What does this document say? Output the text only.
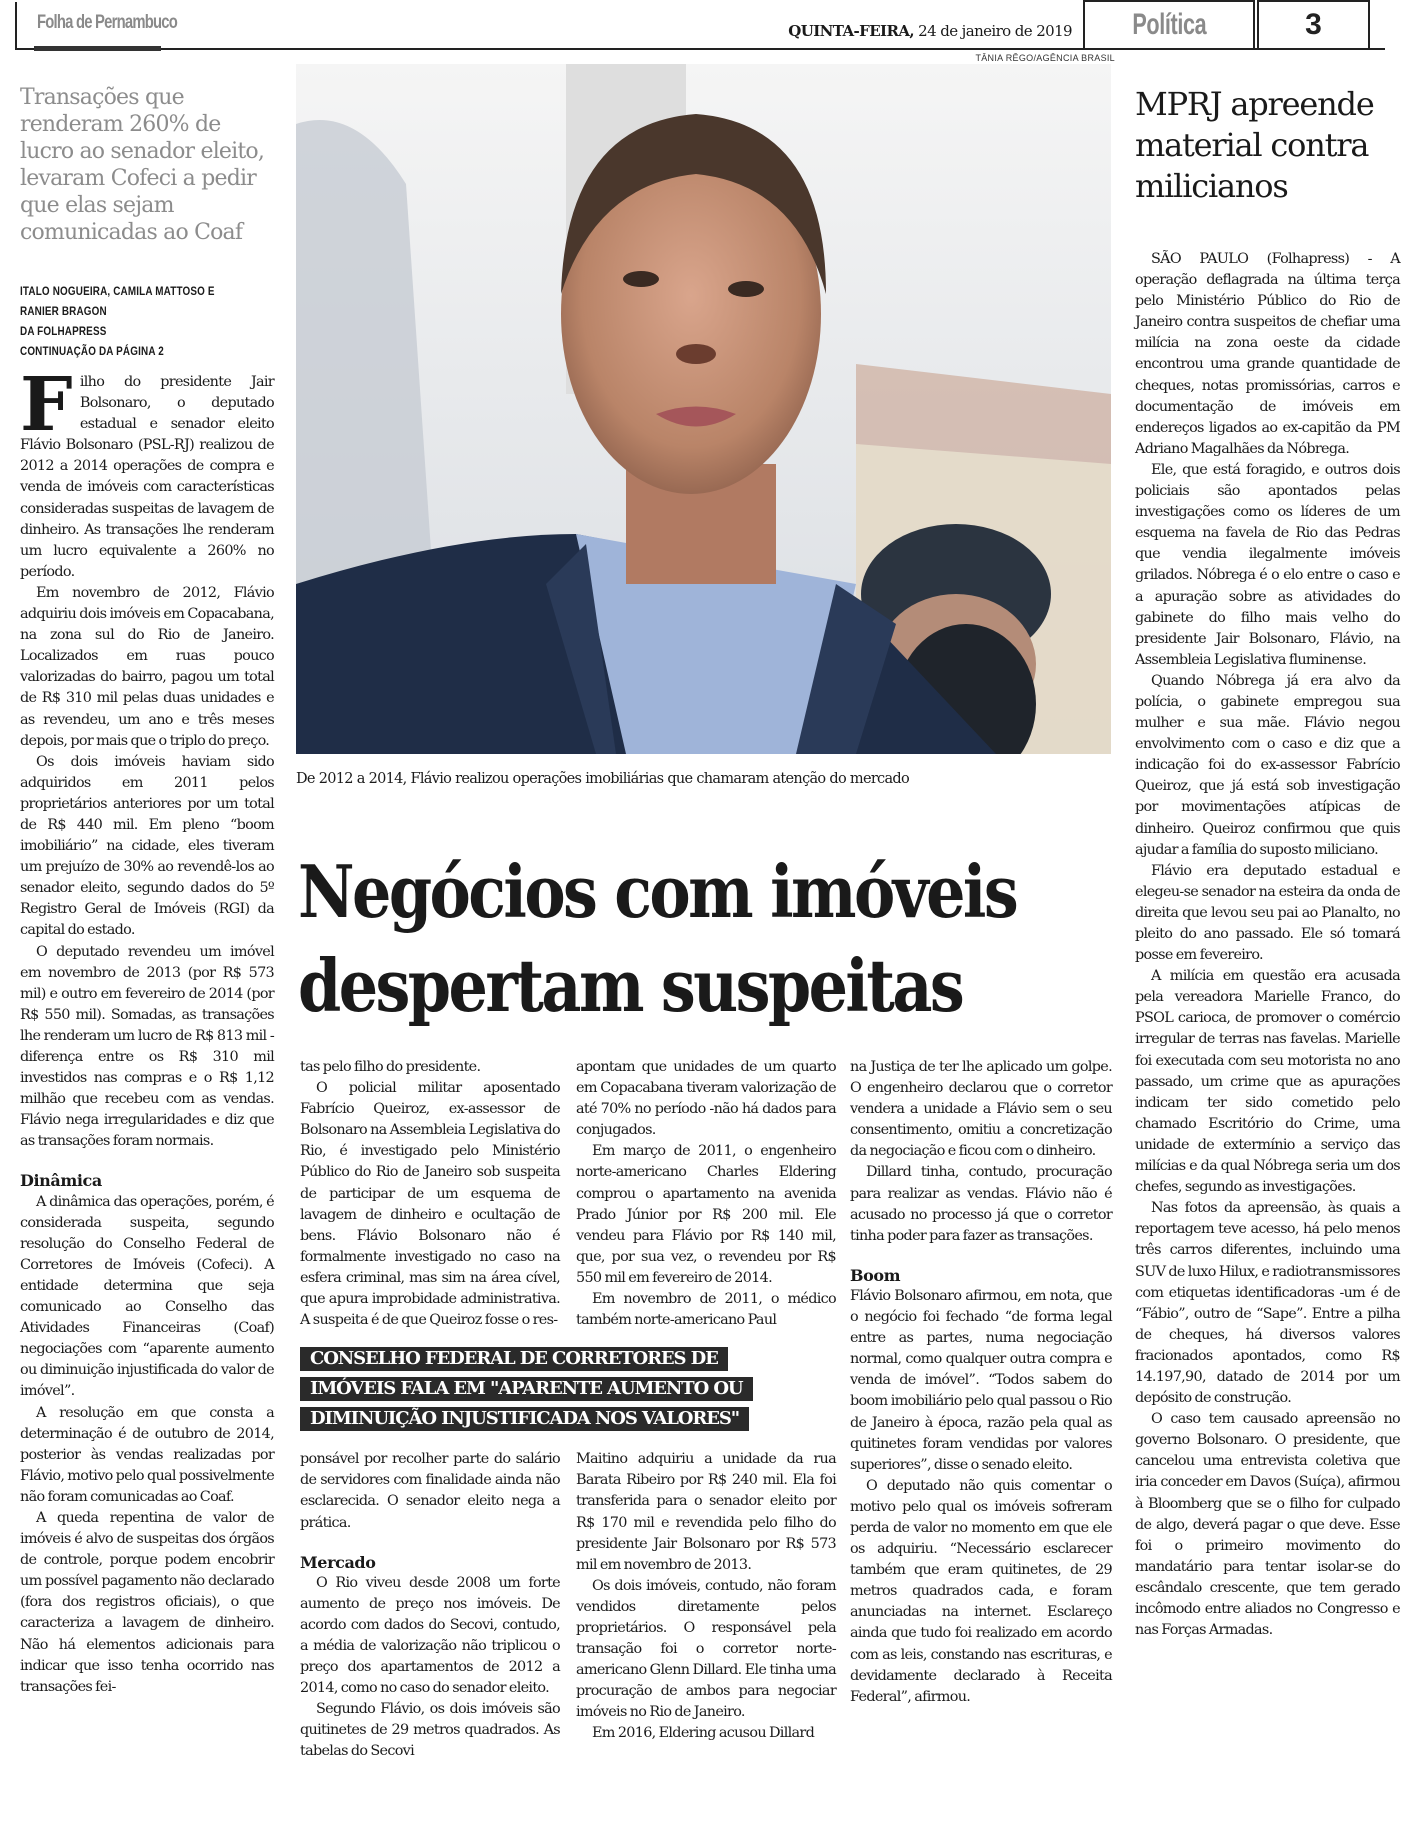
Folha de Pernambuco	QUINTA-FEIRA, 24 de janeiro de 2019 Política	3
TÂNIA RÊGO/AGÊNCIA BRASIL
Transações que renderam 260% de lucro ao senador eleito, levaram Cofeci a pedir que elas sejam comunicadas ao Coaf
ITALO NOGUEIRA, CAMILA MATTOSO E
RANIER BRAGON
DA FOLHAPRESS
CONTINUAÇÃO DA PÁGINA 2

Filho do presidente Jair Bolsonaro, o deputado estadual e senador eleito Flávio Bolsonaro (PSL-RJ) realizou de 2012 a 2014 operações de compra e venda de imóveis com características consideradas suspeitas de lavagem de dinheiro. As transações lhe renderam um lucro equivalente a 260% no período.

Em novembro de 2012, Flávio adquiriu dois imóveis em Copacabana, na zona sul do Rio de Janeiro. Localizados em ruas pouco valorizadas do bairro, pagou um total de R$ 310 mil pelas duas unidades e as revendeu, um ano e três meses depois, por mais que o triplo do preço.

Os dois imóveis haviam sido adquiridos em 2011 pelos proprietários anteriores por um total de R$ 440 mil. Em pleno “boom imobiliário” na cidade, eles tiveram um prejuízo de 30% ao revendê-los ao senador eleito, segundo dados do 5º Registro Geral de Imóveis (RGI) da capital do estado.

O deputado revendeu um imóvel em novembro de 2013 (por R$ 573 mil) e outro em fevereiro de 2014 (por R$ 550 mil). Somadas, as transações lhe renderam um lucro de R$ 813 mil -diferença entre os R$ 310 mil investidos nas compras e o R$ 1,12 milhão que recebeu com as vendas. Flávio nega irregularidades e diz que as transações foram normais.

Dinâmica

A dinâmica das operações, porém, é considerada suspeita, segundo resolução do Conselho Federal de Corretores de Imóveis (Cofeci). A entidade determina que seja comunicado ao Conselho das Atividades Financeiras (Coaf) negociações com “aparente aumento ou diminuição injustificada do valor de imóvel”.

A resolução em que consta a determinação é de outubro de 2014, posterior às vendas realizadas por Flávio, motivo pelo qual possivelmente não foram comunicadas ao Coaf.

A queda repentina de valor de imóveis é alvo de suspeitas dos órgãos de controle, porque podem encobrir um possível pagamento não declarado (fora dos registros oficiais), o que caracteriza a lavagem de dinheiro. Não há elementos adicionais para indicar que isso tenha ocorrido nas transações fei-

De 2012 a 2014, Flávio realizou operações imobiliárias que chamaram atenção do mercado
Negócios com imóveis
despertam suspeitas

tas pelo filho do presidente.

O policial militar aposentado Fabrício Queiroz, ex-assessor de Bolsonaro na Assembleia Legislativa do Rio, é investigado pelo Ministério Público do Rio de Janeiro sob suspeita de participar de um esquema de lavagem de dinheiro e ocultação de bens. Flávio Bolsonaro não é formalmente investigado no caso na esfera criminal, mas sim na área cível, que apura improbidade administrativa. A suspeita é de que Queiroz fosse o res-

apontam que unidades de um quarto em Copacabana tiveram valorização de até 70% no período -não há dados para conjugados.

Em março de 2011, o engenheiro norte-americano Charles Eldering comprou o apartamento na avenida Prado Júnior por R$ 200 mil. Ele vendeu para Flávio por R$ 140 mil, que, por sua vez, o revendeu por R$ 550 mil em fevereiro de 2014.

Em novembro de 2011, o médico também norte-americano Paul

CONSELHO FEDERAL DE CORRETORES DE
IMÓVEIS FALA EM "APARENTE AUMENTO OU
DIMINUIÇÃO INJUSTIFICADA NOS VALORES"

ponsável por recolher parte do salário de servidores com finalidade ainda não esclarecida. O senador eleito nega a prática.

Mercado

O Rio viveu desde 2008 um forte aumento de preço nos imóveis. De acordo com dados do Secovi, contudo, a média de valorização não triplicou o preço dos apartamentos de 2012 a 2014, como no caso do senador eleito.

Segundo Flávio, os dois imóveis são quitinetes de 29 metros quadrados. As tabelas do Secovi

Maitino adquiriu a unidade da rua Barata Ribeiro por R$ 240 mil. Ela foi transferida para o senador eleito por R$ 170 mil e revendida pelo filho do presidente Jair Bolsonaro por R$ 573 mil em novembro de 2013.

Os dois imóveis, contudo, não foram vendidos diretamente pelos proprietários. O responsável pela transação foi o corretor norte-americano Glenn Dillard. Ele tinha uma procuração de ambos para negociar imóveis no Rio de Janeiro.

Em 2016, Eldering acusou Dillard

na Justiça de ter lhe aplicado um golpe. O engenheiro declarou que o corretor vendera a unidade a Flávio sem o seu consentimento, omitiu a concretização da negociação e ficou com o dinheiro.

Dillard tinha, contudo, procuração para realizar as vendas. Flávio não é acusado no processo já que o corretor tinha poder para fazer as transações.

Boom

Flávio Bolsonaro afirmou, em nota, que o negócio foi fechado “de forma legal entre as partes, numa negociação normal, como qualquer outra compra e venda de imóvel”. “Todos sabem do boom imobiliário pelo qual passou o Rio de Janeiro à época, razão pela qual as quitinetes foram vendidas por valores superiores”, disse o senado eleito.

O deputado não quis comentar o motivo pelo qual os imóveis sofreram perda de valor no momento em que ele os adquiriu. “Necessário esclarecer também que eram quitinetes, de 29 metros quadrados cada, e foram anunciadas na internet. Esclareço ainda que tudo foi realizado em acordo com as leis, constando nas escrituras, e devidamente declarado à Receita Federal”, afirmou.

MPRJ apreende material contra milicianos

SÃO PAULO (Folhapress) - A operação deflagrada na última terça pelo Ministério Público do Rio de Janeiro contra suspeitos de chefiar uma milícia na zona oeste da cidade encontrou uma grande quantidade de cheques, notas promissórias, carros e documentação de imóveis em endereços ligados ao ex-capitão da PM Adriano Magalhães da Nóbrega.

Ele, que está foragido, e outros dois policiais são apontados pelas investigações como os líderes de um esquema na favela de Rio das Pedras que vendia ilegalmente imóveis grilados. Nóbrega é o elo entre o caso e a apuração sobre as atividades do gabinete do filho mais velho do presidente Jair Bolsonaro, Flávio, na Assembleia Legislativa fluminense.

Quando Nóbrega já era alvo da polícia, o gabinete empregou sua mulher e sua mãe. Flávio negou envolvimento com o caso e diz que a indicação foi do ex-assessor Fabrício Queiroz, que já está sob investigação por movimentações atípicas de dinheiro. Queiroz confirmou que quis ajudar a família do suposto miliciano.

Flávio era deputado estadual e elegeu-se senador na esteira da onda de direita que levou seu pai ao Planalto, no pleito do ano passado. Ele só tomará posse em fevereiro.

A milícia em questão era acusada pela vereadora Marielle Franco, do PSOL carioca, de promover o comércio irregular de terras nas favelas. Marielle foi executada com seu motorista no ano passado, um crime que as apurações indicam ter sido cometido pelo chamado Escritório do Crime, uma unidade de extermínio a serviço das milícias e da qual Nóbrega seria um dos chefes, segundo as investigações.

Nas fotos da apreensão, às quais a reportagem teve acesso, há pelo menos três carros diferentes, incluindo uma SUV de luxo Hilux, e radiotransmissores com etiquetas identificadoras -um é de “Fábio”, outro de “Sape”. Entre a pilha de cheques, há diversos valores fracionados apontados, como R$ 14.197,90, datado de 2014 por um depósito de construção.

O caso tem causado apreensão no governo Bolsonaro. O presidente, que cancelou uma entrevista coletiva que iria conceder em Davos (Suíça), afirmou à Bloomberg que se o filho for culpado de algo, deverá pagar o que deve. Esse foi o primeiro movimento do mandatário para tentar isolar-se do escândalo crescente, que tem gerado incômodo entre aliados no Congresso e nas Forças Armadas.
